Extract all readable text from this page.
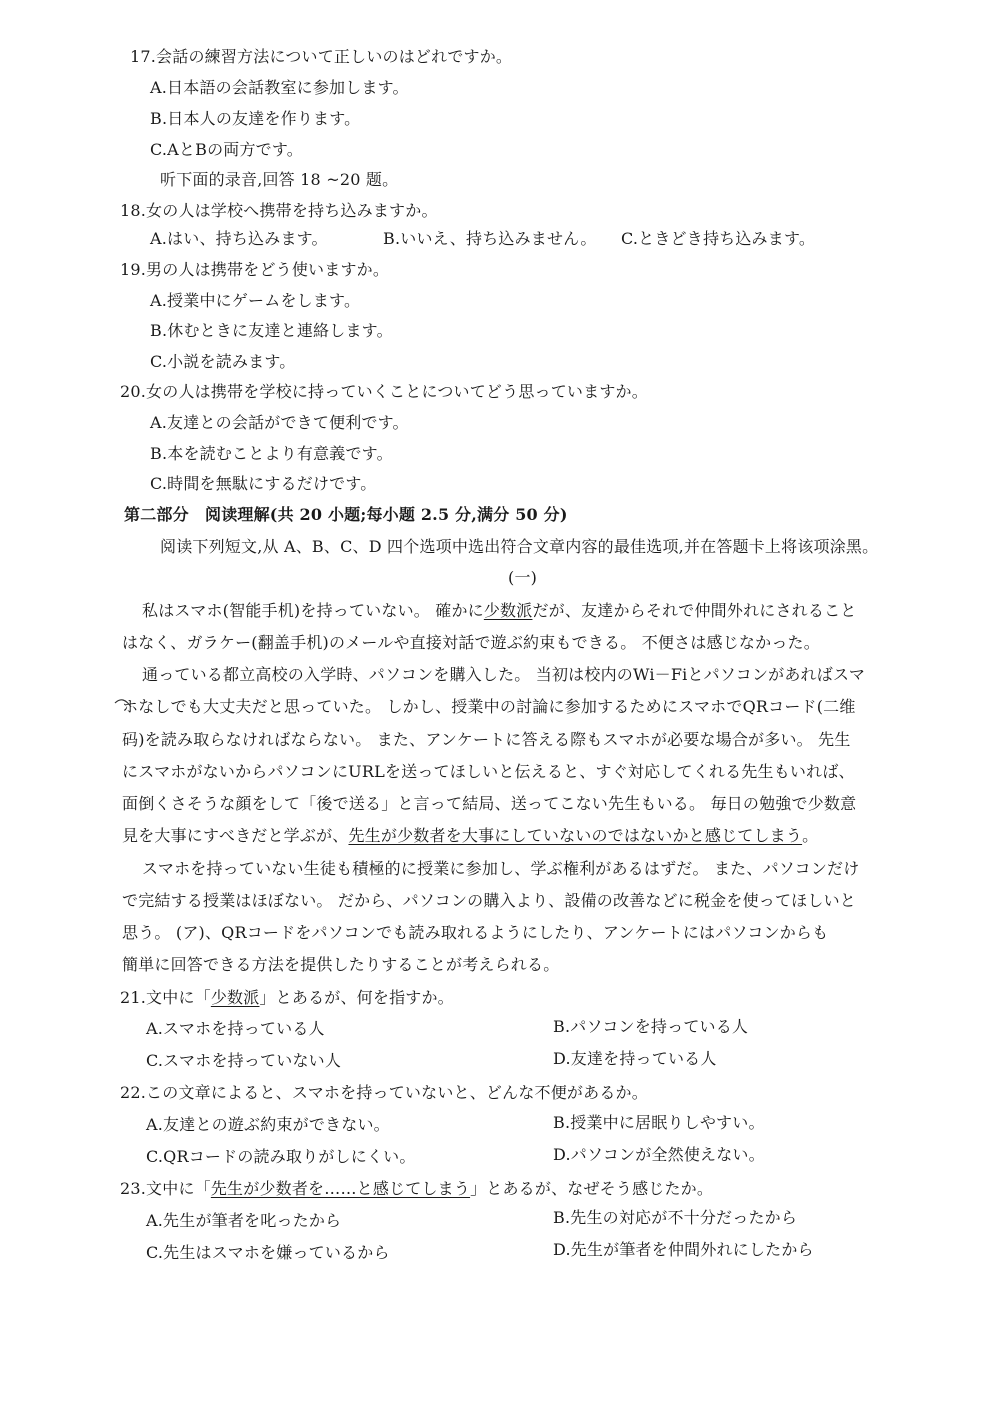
17.会話の練習方法について正しいのはどれですか。
A.日本語の会話教室に参加します。
B.日本人の友達を作ります。
C.AとBの両方です。
听下面的录音,回答 18 ~20 题。
18.女の人は学校へ携帯を持ち込みますか。
A.はい、持ち込みます。	B.いいえ、持ち込みません。 C.ときどき持ち込みます。
19.男の人は携帯をどう使いますか。
A.授業中にゲームをします。
B.休むときに友達と連絡します。
C.小説を読みます。
20.女の人は携帯を学校に持っていくことについてどう思っていますか。
A.友達との会話ができて便利です。
B.本を読むことより有意義です。
C.時間を無駄にするだけです。
第二部分　阅读理解(共 20 小题;每小题 2.5 分,满分 50 分)
阅读下列短文,从 A、B、C、D 四个选项中选出符合文章内容的最佳选项,并在答题卡上将该项涂黑。
(一)
私はスマホ(智能手机)を持っていない。 確かに少数派だが、友達からそれで仲間外れにされること
はなく、ガラケー(翻盖手机)のメールや直接対話で遊ぶ約束もできる。 不便さは感じなかった。
通っている都立高校の入学時、パソコンを購入した。 当初は校内のWi－Fiとパソコンがあればスマ
ホなしでも大丈夫だと思っていた。 しかし、授業中の討論に参加するためにスマホでQRコード(二维
码)を読み取らなければならない。 また、アンケートに答える際もスマホが必要な場合が多い。 先生
にスマホがないからパソコンにURLを送ってほしいと伝えると、すぐ対応してくれる先生もいれば、
面倒くさそうな顔をして「後で送る」と言って結局、送ってこない先生もいる。 毎日の勉強で少数意
見を大事にすべきだと学ぶが、先生が少数者を大事にしていないのではないかと感じてしまう。
スマホを持っていない生徒も積極的に授業に参加し、学ぶ権利があるはずだ。 また、パソコンだけ
で完結する授業はほぼない。 だから、パソコンの購入より、設備の改善などに税金を使ってほしいと
思う。 (ア)、QRコードをパソコンでも読み取れるようにしたり、アンケートにはパソコンからも
簡単に回答できる方法を提供したりすることが考えられる。
21.文中に「少数派」とあるが、何を指すか。
A.スマホを持っている人	B.パソコンを持っている人
C.スマホを持っていない人	D.友達を持っている人
22.この文章によると、スマホを持っていないと、どんな不便があるか。
A.友達との遊ぶ約束ができない。	B.授業中に居眠りしやすい。
C.QRコードの読み取りがしにくい。	D.パソコンが全然使えない。
23.文中に「先生が少数者を……と感じてしまう」とあるが、なぜそう感じたか。
A.先生が筆者を叱ったから	B.先生の対応が不十分だったから
C.先生はスマホを嫌っているから	D.先生が筆者を仲間外れにしたから
